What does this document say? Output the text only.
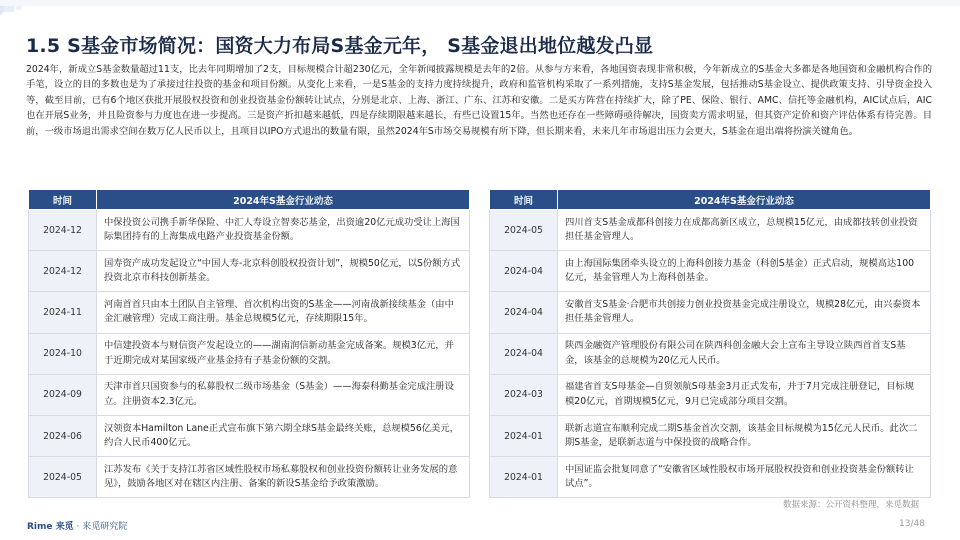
1.5 S基金市场简况：国资大力布局S基金元年， S基金退出地位越发凸显
2024年，新成立S基金数量超过11支，比去年同期增加了2支，目标规模合计超230亿元，全年新闻披露规模是去年的2倍。从参与方来看，各地国资表现非常积极，今年新成立的S基金大多都是各地国资和金融机构合作的手笔，设立的目的多数也是为了承接过往投资的基金和项目份额。从变化上来看，一是S基金的支持力度持续提升，政府和监管机构采取了一系列措施，支持S基金发展，包括推动S基金设立、提供政策支持、引导资金投入等，截至目前，已有6个地区获批开展股权投资和创业投资基金份额转让试点，分别是北京、上海、浙江、广东、江苏和安徽。二是买方阵营在持续扩大，除了PE、保险、银行、AMC、信托等金融机构，AIC试点后，AIC也在开展S业务，并且险资参与力度也在进一步提高。三是资产折扣越来越低，四是存续期限越来越长，有些已设置15年。当然也还存在一些障碍亟待解决，国资卖方需求明显，但其资产定价和资产评估体系有待完善。目前，一级市场退出需求空间在数万亿人民币以上，且项目以IPO方式退出的数量有限，虽然2024年S市场交易规模有所下降，但长期来看，未来几年市场退出压力会更大，S基金在退出端将扮演关键角色。
时间	2024年S基金行业动态
2024-12	中保投资公司携手新华保险、中汇人寿设立智奏芯基金，出资逾20亿元成功受让上海国际集团持有的上海集成电路产业投资基金份额。
2024-12	国寿资产成功发起设立“中国人寿-北京科创股权投资计划”，规模50亿元，以S份额方式投资北京市科技创新基金。
2024-11	河南首首只由本土团队自主管理、首次机构出资的S基金——河南战新接续基金（由中金汇融管理）完成工商注册。基金总规模5亿元，存续期限15年。
2024-10	中信建投资本与财信资产发起设立的——湖南润信新动基金完成备案。规模3亿元，并于近期完成对某国家级产业基金持有子基金份额的交割。
2024-09	天津市首只国资参与的私募股权二级市场基金（S基金）——海泰科勤基金完成注册设立。注册资本2.3亿元。
2024-06	汉领资本Hamilton Lane正式宣布旗下第六期全球S基金最终关账，总规模56亿美元，约合人民币400亿元。
2024-05	江苏发布《关于支持江苏省区域性股权市场私募股权和创业投资份额转让业务发展的意见》，鼓励各地区对在辖区内注册、备案的新设S基金给予政策激励。
时间	2024年S基金行业动态
2024-05	四川首支S基金成都科创接力在成都高新区成立，总规模15亿元，由成都技转创业投资担任基金管理人。
2024-04	由上海国际集团牵头设立的上海科创接力基金（科创S基金）正式启动，规模高达100亿元，基金管理人为上海科创基金。
2024-04	安徽首支S基金·合肥市共创接力创业投资基金完成注册设立，规模28亿元，由兴泰资本担任基金管理人。
2024-04	陕西金融资产管理股份有限公司在陕西科创金融大会上宣布主导设立陕西首首支S基金，该基金的总规模为20亿元人民币。
2024-03	福建省首支S母基金—自贸领航S母基金3月正式发布，并于7月完成注册登记，目标规模20亿元，首期规模5亿元，9月已完成部分项目交割。
2024-01	联新志道宣布顺利完成二期S基金首次交割，该基金目标规模为15亿元人民币。此次二期S基金，是联新志道与中保投资的战略合作。
2024-01	中国证监会批复同意了“安徽省区域性股权市场开展股权投资和创业投资基金份额转让试点”。
数据来源：公开资料整理，来觅数据
Rime 来觅 · 来觅研究院	13/48
